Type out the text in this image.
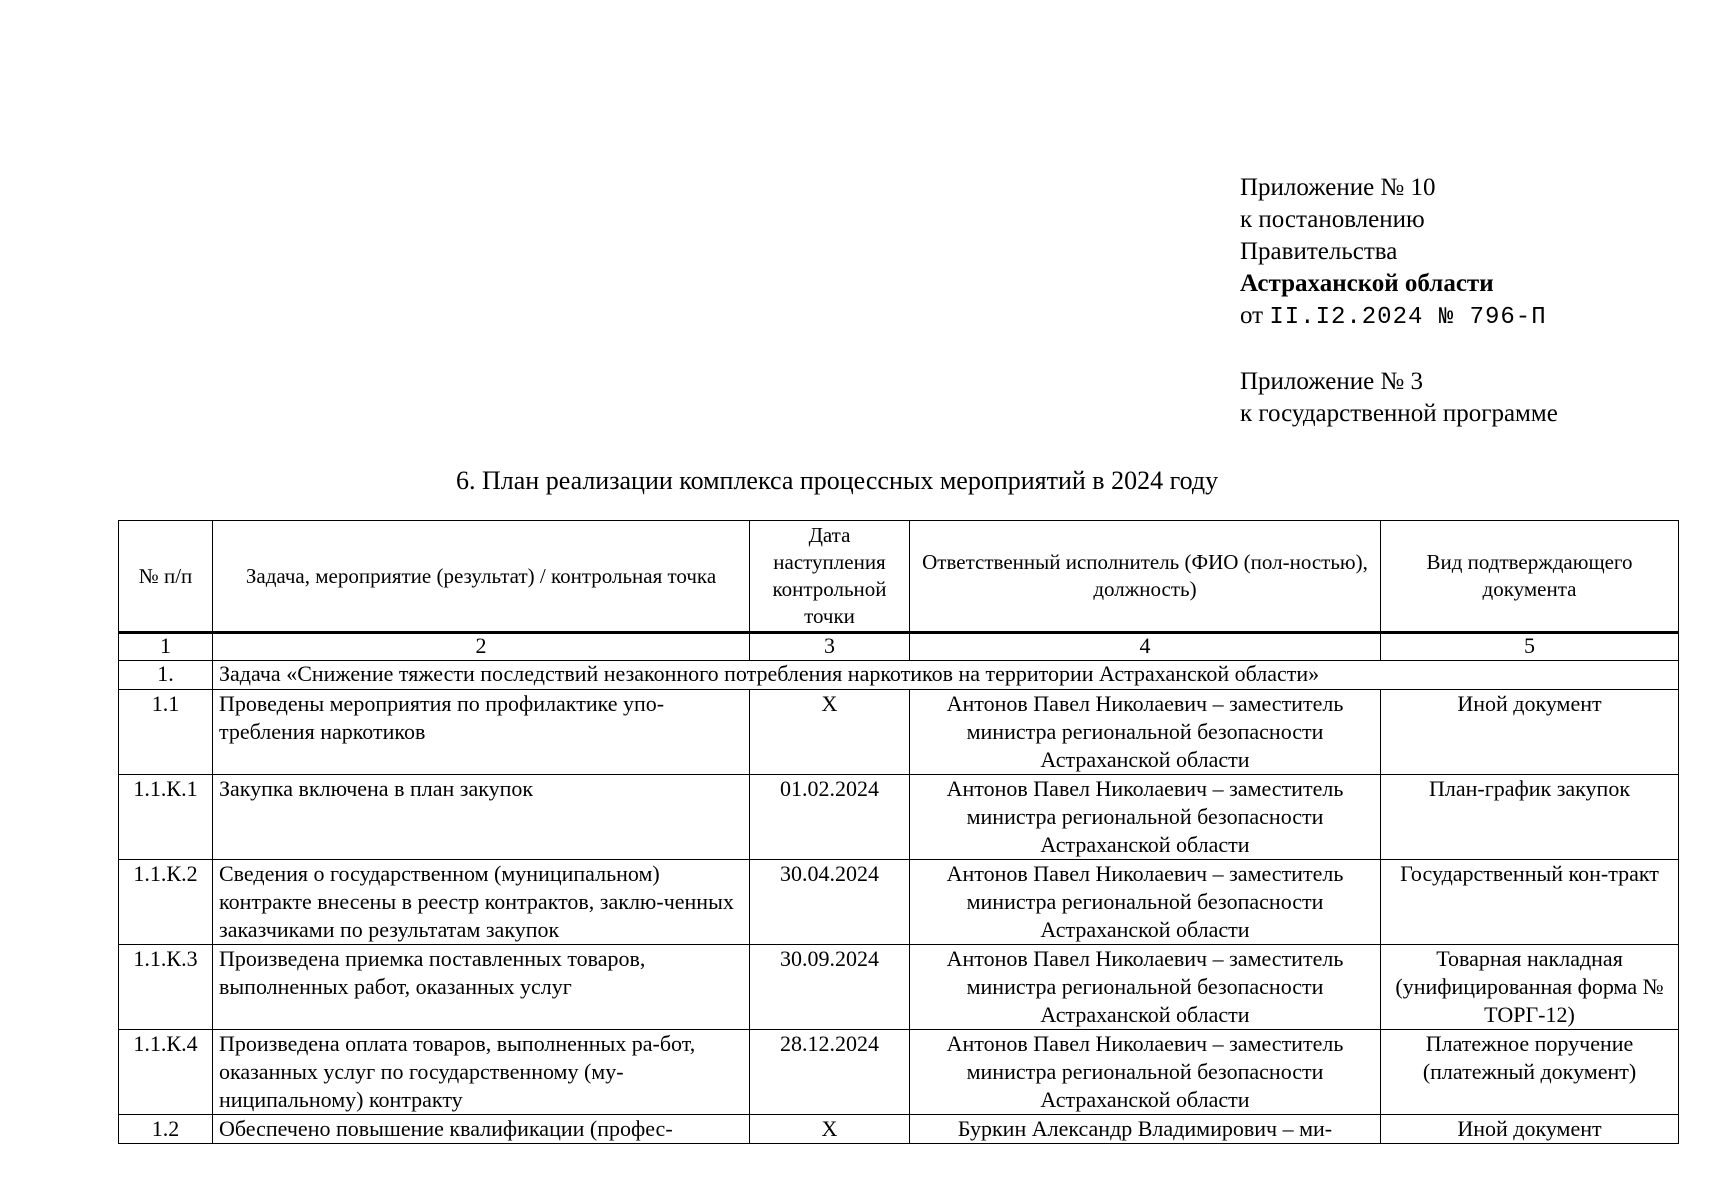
Приложение № 10
к постановлению
Правительства
Астраханской области
от II.I2.2024 № 796-П
Приложение № 3
к государственной программе
6. План реализации комплекса процессных мероприятий в 2024 году
№ п/п	Задача, мероприятие (результат) / контрольная точка	Дата наступления контрольной точки	Ответственный исполнитель (ФИО (пол-ностью), должность)	Вид подтверждающего документа
1	2	3	4	5
1.	Задача «Снижение тяжести последствий незаконного потребления наркотиков на территории Астраханской области»			
1.1	Проведены мероприятия по профилактике упо-требления наркотиков	X	Антонов Павел Николаевич – заместитель министра региональной безопасности Астраханской области	Иной документ
1.1.К.1	Закупка включена в план закупок	01.02.2024	Антонов Павел Николаевич – заместитель министра региональной безопасности Астраханской области	План-график закупок
1.1.К.2	Сведения о государственном (муниципальном) контракте внесены в реестр контрактов, заклю-ченных заказчиками по результатам закупок	30.04.2024	Антонов Павел Николаевич – заместитель министра региональной безопасности Астраханской области	Государственный кон-тракт
1.1.К.3	Произведена приемка поставленных товаров, выполненных работ, оказанных услуг	30.09.2024	Антонов Павел Николаевич – заместитель министра региональной безопасности Астраханской области	Товарная накладная (унифицированная форма № ТОРГ-12)
1.1.К.4	Произведена оплата товаров, выполненных ра-бот, оказанных услуг по государственному (му-ниципальному) контракту	28.12.2024	Антонов Павел Николаевич – заместитель министра региональной безопасности Астраханской области	Платежное поручение (платежный документ)
1.2	Обеспечено повышение квалификации (профес-	X	Буркин Александр Владимирович – ми-	Иной документ
